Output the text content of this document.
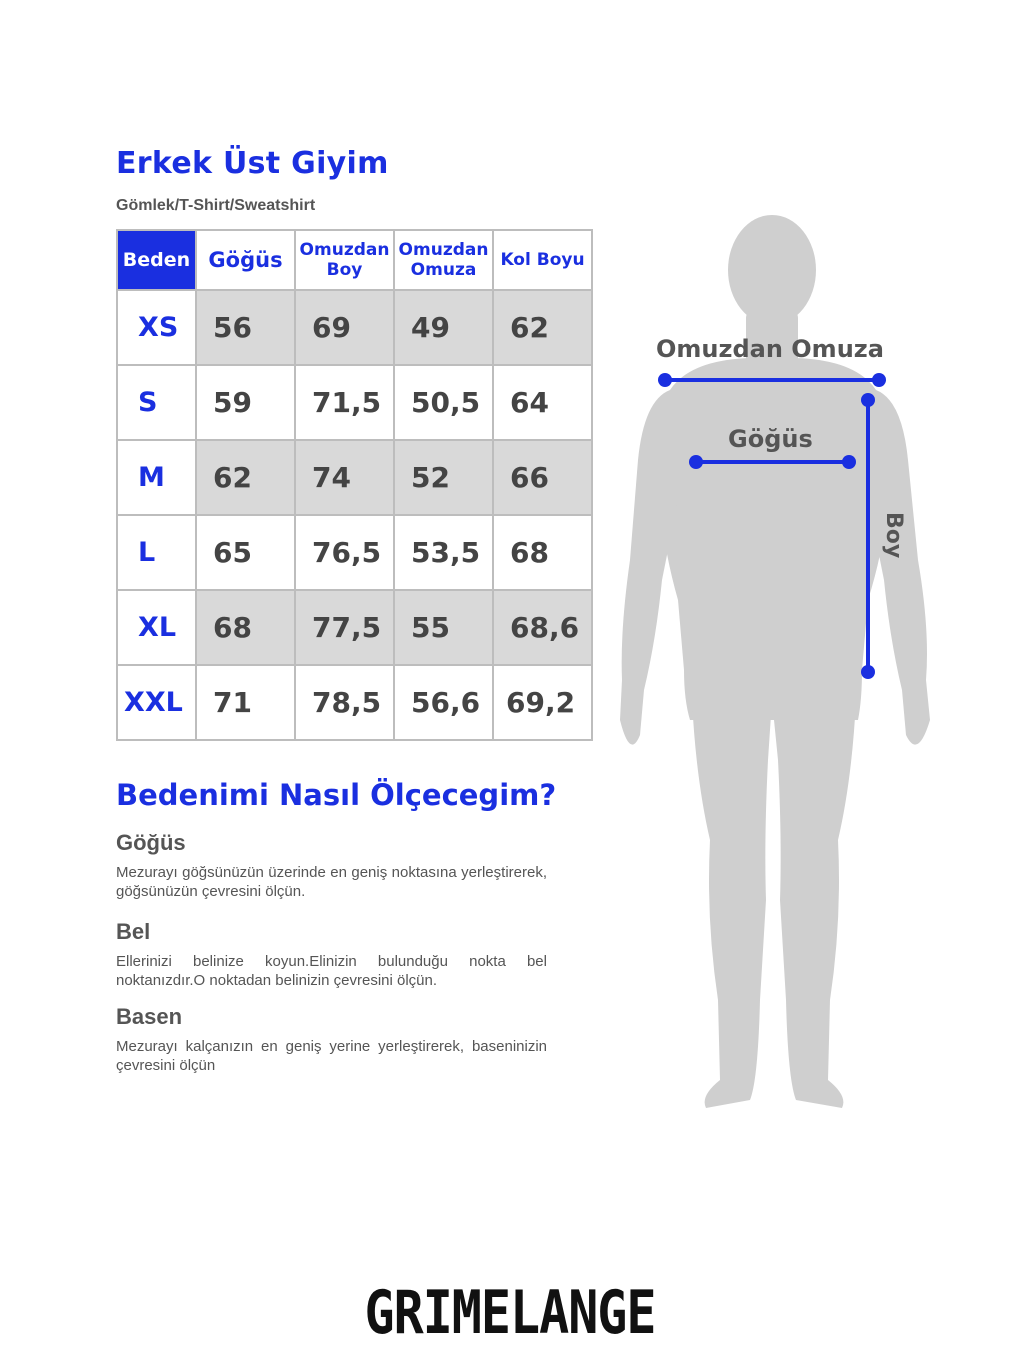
Erkek Üst Giyim

Gömlek/T-Shirt/Sweatshirt

Beden	Göğüs	Omuzdan Boy	Omuzdan Omuza	Kol Boyu
XS	56	69	49	62
S	59	71,5	50,5	64
M	62	74	52	66
L	65	76,5	53,5	68
XL	68	77,5	55	68,6
XXL	71	78,5	56,6	69,2
Bedenimi Nasıl Ölçecegim?
Göğüs

Mezurayı göğsünüzün üzerinde en geniş noktasına yerleştirerek, göğsünüzün çevresini ölçün.

Bel

Ellerinizi belinize koyun.Elinizin bulunduğu nokta bel noktanızdır.O noktadan belinizin çevresini ölçün.

Basen

Mezurayı kalçanızın en geniş yerine yerleştirerek, baseninizin çevresini ölçün

Omuzdan Omuza
Göğüs
Boy
GRIMELANGE
